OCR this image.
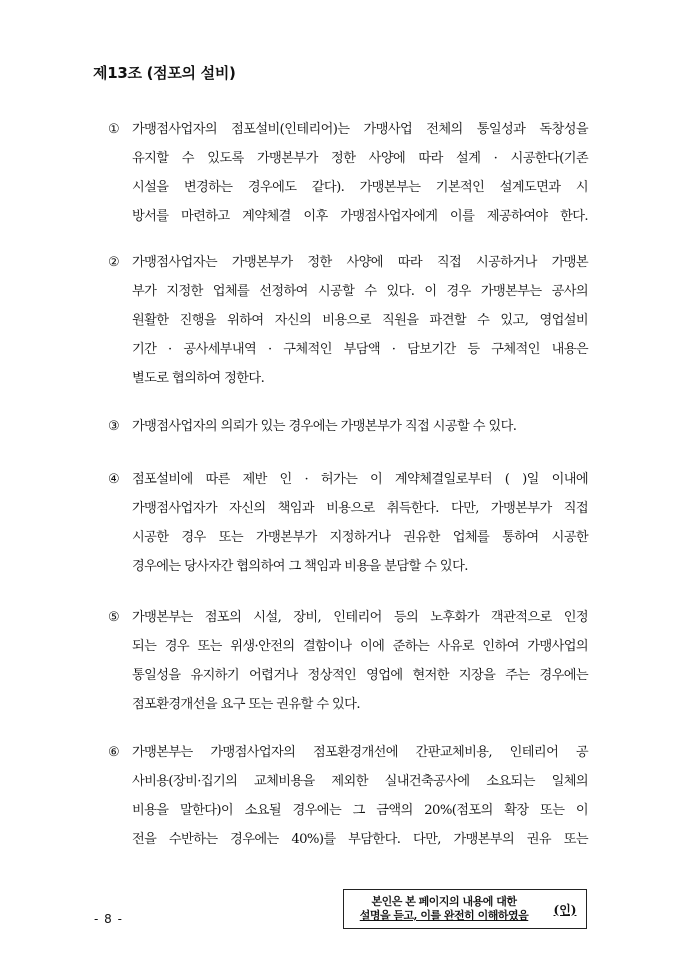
제13조 (점포의 설비)
① 가맹점사업자의 점포설비(인테리어)는 가맹사업 전체의 통일성과 독창성을
유지할 수 있도록 가맹본부가 정한 사양에 따라 설계 · 시공한다(기존
시설을 변경하는 경우에도 같다). 가맹본부는 기본적인 설계도면과 시
방서를 마련하고 계약체결 이후 가맹점사업자에게 이를 제공하여야 한다.
② 가맹점사업자는 가맹본부가 정한 사양에 따라 직접 시공하거나 가맹본
부가 지정한 업체를 선정하여 시공할 수 있다. 이 경우 가맹본부는 공사의
원활한 진행을 위하여 자신의 비용으로 직원을 파견할 수 있고, 영업설비
기간 · 공사세부내역 · 구체적인 부담액 · 담보기간 등 구체적인 내용은
별도로 협의하여 정한다.
③ 가맹점사업자의 의뢰가 있는 경우에는 가맹본부가 직접 시공할 수 있다.
④ 점포설비에 따른 제반 인 · 허가는 이 계약체결일로부터 ( )일 이내에
가맹점사업자가 자신의 책임과 비용으로 취득한다. 다만, 가맹본부가 직접
시공한 경우 또는 가맹본부가 지정하거나 권유한 업체를 통하여 시공한
경우에는 당사자간 협의하여 그 책임과 비용을 분담할 수 있다.
⑤ 가맹본부는 점포의 시설, 장비, 인테리어 등의 노후화가 객관적으로 인정
되는 경우 또는 위생·안전의 결함이나 이에 준하는 사유로 인하여 가맹사업의
통일성을 유지하기 어렵거나 정상적인 영업에 현저한 지장을 주는 경우에는
점포환경개선을 요구 또는 권유할 수 있다.
⑥ 가맹본부는 가맹점사업자의 점포환경개선에 간판교체비용, 인테리어 공
사비용(장비·집기의 교체비용을 제외한 실내건축공사에 소요되는 일체의
비용을 말한다)이 소요될 경우에는 그 금액의 20%(점포의 확장 또는 이
전을 수반하는 경우에는 40%)를 부담한다. 다만, 가맹본부의 권유 또는
- 8 -
본인은 본 페이지의 내용에 대한
설명을 듣고, 이를 완전히 이해하였음	(인)
